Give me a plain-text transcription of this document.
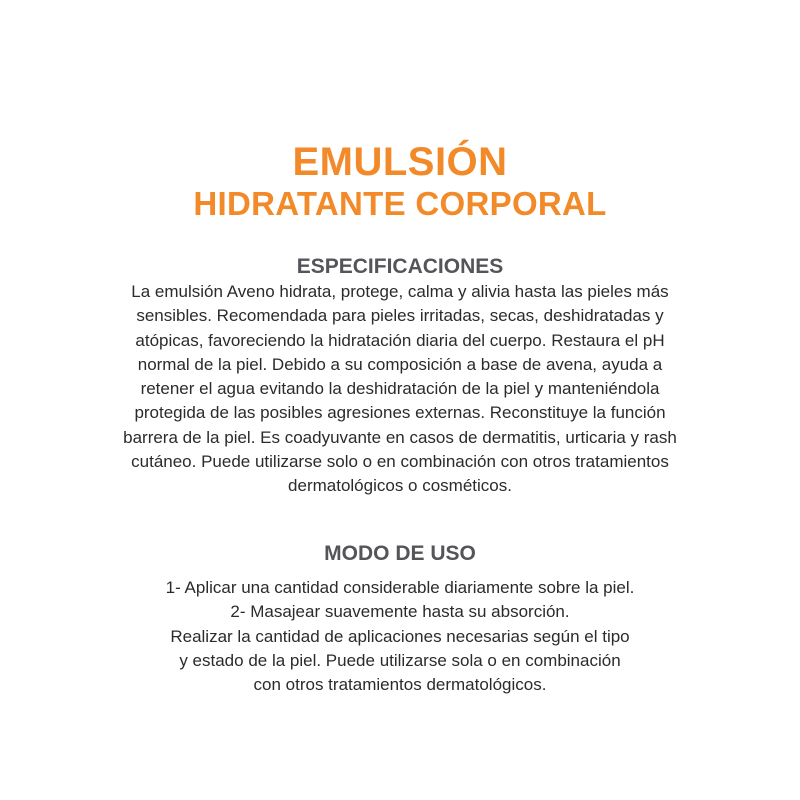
EMULSIÓN
HIDRATANTE CORPORAL
ESPECIFICACIONES
La emulsión Aveno hidrata, protege, calma y alivia hasta las pieles más
sensibles. Recomendada para pieles irritadas, secas, deshidratadas y
atópicas, favoreciendo la hidratación diaria del cuerpo. Restaura el pH
normal de la piel. Debido a su composición a base de avena, ayuda a
retener el agua evitando la deshidratación de la piel y manteniéndola
protegida de las posibles agresiones externas. Reconstituye la función
barrera de la piel. Es coadyuvante en casos de dermatitis, urticaria y rash
cutáneo. Puede utilizarse solo o en combinación con otros tratamientos
dermatológicos o cosméticos.
MODO DE USO
1- Aplicar una cantidad considerable diariamente sobre la piel.
2- Masajear suavemente hasta su absorción.
Realizar la cantidad de aplicaciones necesarias según el tipo
y estado de la piel. Puede utilizarse sola o en combinación
con otros tratamientos dermatológicos.
